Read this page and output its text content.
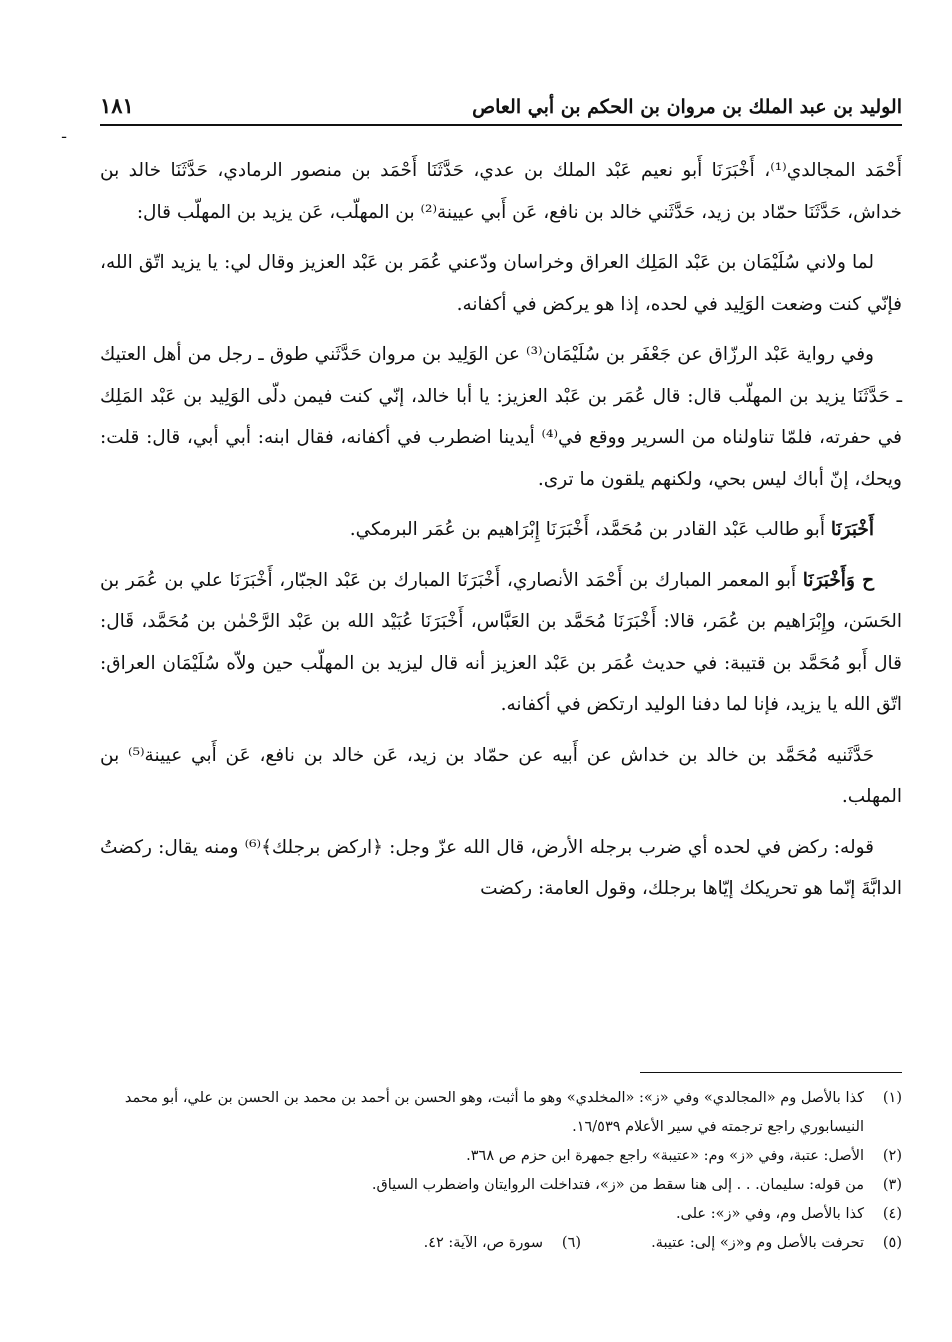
الوليد بن عبد الملك بن مروان بن الحكم بن أبي العاص
١٨١
ـ

أَحْمَد المجالدي⁽¹⁾، أَخْبَرَنَا أَبو نعيم عَبْد الملك بن عدي، حَدَّثَنَا أَحْمَد بن منصور الرمادي، حَدَّثَنَا خالد بن خداش، حَدَّثَنَا حمّاد بن زيد، حَدَّثَني خالد بن نافع، عَن أَبي عيينة⁽²⁾ بن المهلّب، عَن يزيد بن المهلّب قال:

لما ولاني سُلَيْمَان بن عَبْد المَلِك العراق وخراسان ودّعني عُمَر بن عَبْد العزيز وقال لي: يا يزيد اتّق الله، فإنّي كنت وضعت الوَلِيد في لحده، إذا هو يركض في أكفانه.

وفي رواية عَبْد الرزّاق عن جَعْفَر بن سُلَيْمَان⁽³⁾ عن الوَلِيد بن مروان حَدَّثَني طوق ـ رجل من أهل العتيك ـ حَدَّثَنَا يزيد بن المهلّب قال: قال عُمَر بن عَبْد العزيز: يا أبا خالد، إنّي كنت فيمن دلّى الوَلِيد بن عَبْد المَلِك في حفرته، فلمّا تناولناه من السرير ووقع في⁽⁴⁾ أيدينا اضطرب في أكفانه، فقال ابنه: أبي أبي، قال: قلت: ويحك، إنّ أباك ليس بحي، ولكنهم يلقون ما ترى.

أَخْبَرَنَا أَبو طالب عَبْد القادر بن مُحَمَّد، أَخْبَرَنَا إِبْرَاهيم بن عُمَر البرمكي.

ح وَأَخْبَرَنَا أَبو المعمر المبارك بن أَحْمَد الأنصاري، أَخْبَرَنَا المبارك بن عَبْد الجبّار، أَخْبَرَنَا علي بن عُمَر بن الحَسَن، وإِبْرَاهيم بن عُمَر، قالا: أَخْبَرَنَا مُحَمَّد بن العَبَّاس، أَخْبَرَنَا عُبَيْد الله بن عَبْد الرَّحْمٰن بن مُحَمَّد، قَال: قال أَبو مُحَمَّد بن قتيبة: في حديث عُمَر بن عَبْد العزيز أنه قال ليزيد بن المهلّب حين ولاّه سُلَيْمَان العراق: اتّق الله يا يزيد، فإنا لما دفنا الوليد ارتكض في أكفانه.

حَدَّثَنيه مُحَمَّد بن خالد بن خداش عن أَبيه عن حمّاد بن زيد، عَن خالد بن نافع، عَن أَبي عيينة⁽⁵⁾ بن المهلب.

قوله: ركض في لحده أي ضرب برجله الأرض، قال الله عزّ وجل: ﴿اركض برجلك﴾⁽⁶⁾ ومنه يقال: ركضتُ الدابَّةَ إنّما هو تحريكك إيّاها برجلك، وقول العامة: ركضت

(١)
كذا بالأصل وم «المجالدي» وفي «ز»: «المخلدي» وهو ما أثبت، وهو الحسن بن أحمد بن محمد بن الحسن بن علي، أبو محمد النيسابوري راجع ترجمته في سير الأعلام ١٦/٥٣٩.
(٢)
الأصل: عتبة، وفي «ز» وم: «عتيبة» راجع جمهرة ابن حزم ص ٣٦٨.
(٣)
من قوله: سليمان. . . إلى هنا سقط من «ز»، فتداخلت الروايتان واضطرب السياق.
(٤)
كذا بالأصل وم، وفي «ز»: على.
(٥)
تحرفت بالأصل وم و«ز» إلى: عتيبة.
(٦)
سورة ص، الآية: ٤٢.
